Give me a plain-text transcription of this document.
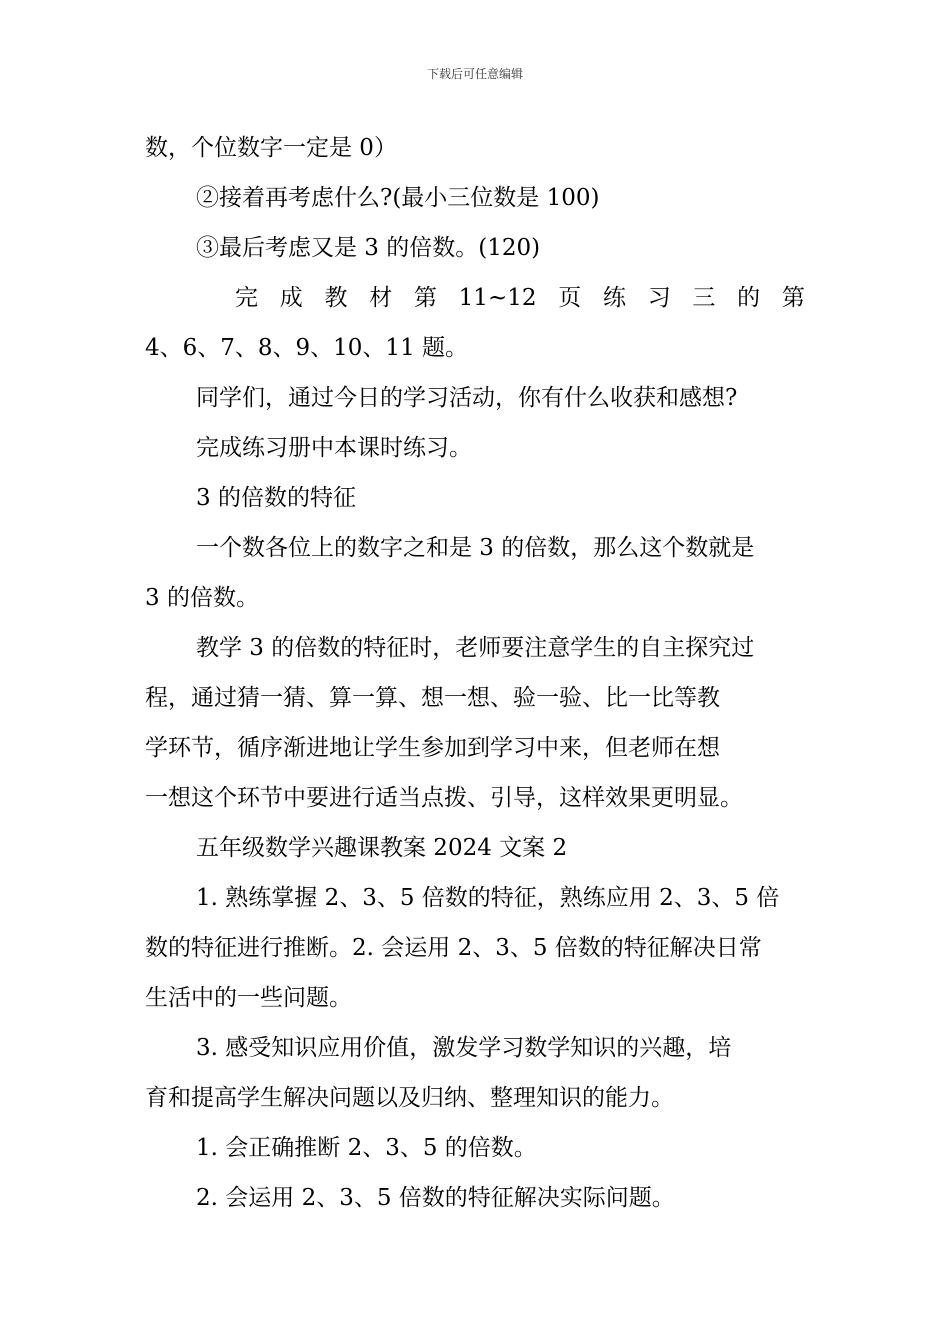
下载后可任意编辑
数，个位数字一定是 0）
②接着再考虑什么?(最小三位数是 100)
③最后考虑又是 3 的倍数。(120)
完 成 教 材 第 11~12 页 练 习 三 的 第
4、6、7、8、9、10、11 题。
同学们，通过今日的学习活动，你有什么收获和感想?
完成练习册中本课时练习。
3 的倍数的特征
一个数各位上的数字之和是 3 的倍数，那么这个数就是
3 的倍数。
教学 3 的倍数的特征时，老师要注意学生的自主探究过
程，通过猜一猜、算一算、想一想、验一验、比一比等教
学环节，循序渐进地让学生参加到学习中来，但老师在想
一想这个环节中要进行适当点拨、引导，这样效果更明显。
五年级数学兴趣课教案 2024 文案 2
1. 熟练掌握 2、3、5 倍数的特征，熟练应用 2、3、5 倍
数的特征进行推断。2. 会运用 2、3、5 倍数的特征解决日常
生活中的一些问题。
3. 感受知识应用价值，激发学习数学知识的兴趣，培
育和提高学生解决问题以及归纳、整理知识的能力。
1. 会正确推断 2、3、5 的倍数。
2. 会运用 2、3、5 倍数的特征解决实际问题。
